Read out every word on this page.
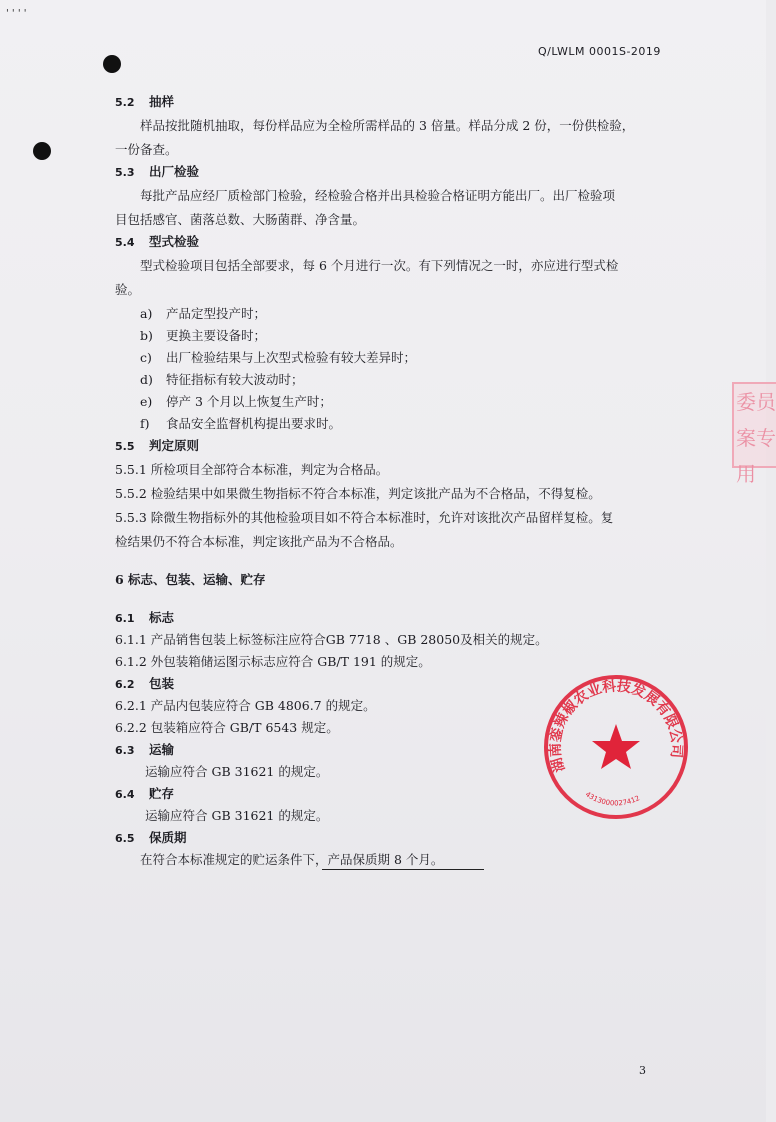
' ' ' '
Q/LWLM 0001S-2019
5.2 抽样
样品按批随机抽取，每份样品应为全检所需样品的 3 倍量。样品分成 2 份，一份供检验，
一份备查。
5.3 出厂检验
每批产品应经厂质检部门检验，经检验合格并出具检验合格证明方能出厂。出厂检验项
目包括感官、菌落总数、大肠菌群、净含量。
5.4 型式检验
型式检验项目包括全部要求，每 6 个月进行一次。有下列情况之一时，亦应进行型式检
验。
a) 产品定型投产时；
b) 更换主要设备时；
c) 出厂检验结果与上次型式检验有较大差异时；
d) 特征指标有较大波动时；
e) 停产 3 个月以上恢复生产时；
f) 食品安全监督机构提出要求时。
5.5 判定原则
5.5.1 所检项目全部符合本标准，判定为合格品。
5.5.2 检验结果中如果微生物指标不符合本标准，判定该批产品为不合格品，不得复检。
5.5.3 除微生物指标外的其他检验项目如不符合本标准时，允许对该批次产品留样复检。复
检结果仍不符合本标准，判定该批产品为不合格品。
6 标志、包装、运输、贮存
6.1 标志
6.1.1 产品销售包装上标签标注应符合GB 7718 、GB 28050及相关的规定。
6.1.2 外包装箱储运图示标志应符合 GB/T 191 的规定。
6.2 包装
6.2.1 产品内包装应符合 GB 4806.7 的规定。
6.2.2 包装箱应符合 GB/T 6543 规定。
6.3 运输
运输应符合 GB 31621 的规定。
6.4 贮存
运输应符合 GB 31621 的规定。
6.5 保质期
在符合本标准规定的贮运条件下，产品保质期 8 个月。
委员
案专用
湖南銮辣椒农业科技发展有限公司
4313000027412
3
